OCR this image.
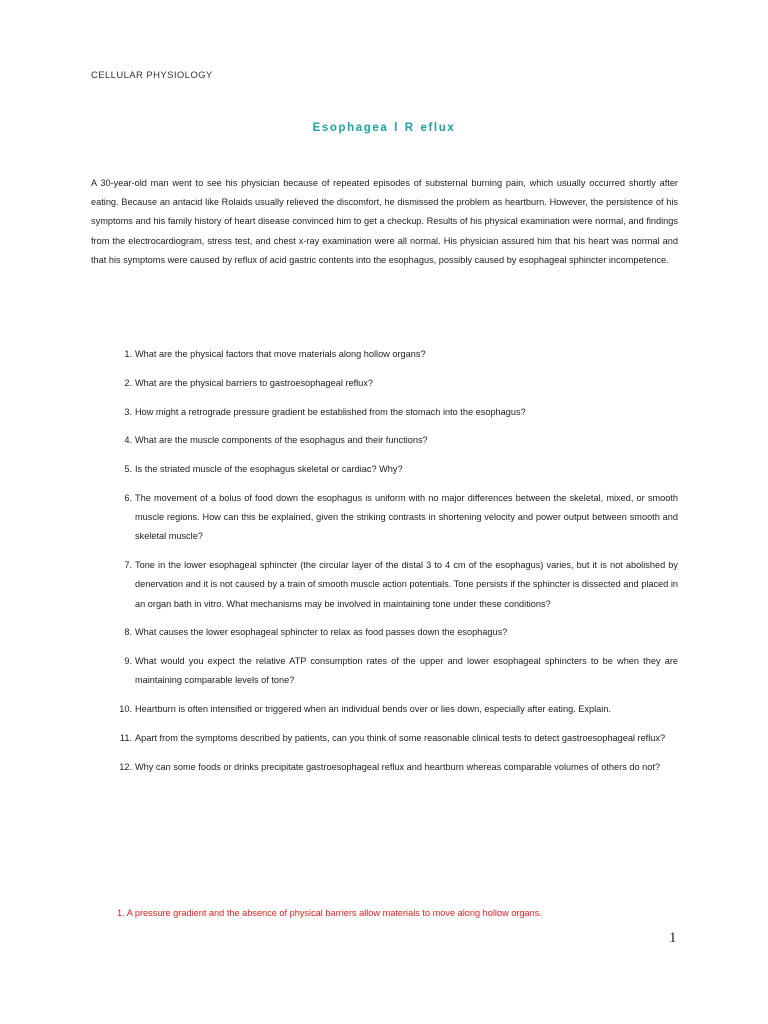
CELLULAR PHYSIOLOGY
Esophagea l R eflux
A 30-year-old man went to see his physician because of repeated episodes of substernal burning pain, which usually occurred shortly after eating. Because an antacid like Rolaids usually relieved the discomfort, he dismissed the problem as heartburn. However, the persistence of his symptoms and his family history of heart disease convinced him to get a checkup. Results of his physical examination were normal, and findings from the electrocardiogram, stress test, and chest x-ray examination were all normal. His physician assured him that his heart was normal and that his symptoms were caused by reflux of acid gastric contents into the esophagus, possibly caused by esophageal sphincter incompetence.
1. What are the physical factors that move materials along hollow organs?
2. What are the physical barriers to gastroesophageal reflux?
3. How might a retrograde pressure gradient be established from the stomach into the esophagus?
4. What are the muscle components of the esophagus and their functions?
5. Is the striated muscle of the esophagus skeletal or cardiac? Why?
6. The movement of a bolus of food down the esophagus is uniform with no major differences between the skeletal, mixed, or smooth muscle regions. How can this be explained, given the striking contrasts in shortening velocity and power output between smooth and skeletal muscle?
7. Tone in the lower esophageal sphincter (the circular layer of the distal 3 to 4 cm of the esophagus) varies, but it is not abolished by denervation and it is not caused by a train of smooth muscle action potentials. Tone persists if the sphincter is dissected and placed in an organ bath in vitro. What mechanisms may be involved in maintaining tone under these conditions?
8. What causes the lower esophageal sphincter to relax as food passes down the esophagus?
9. What would you expect the relative ATP consumption rates of the upper and lower esophageal sphincters to be when they are maintaining comparable levels of tone?
10. Heartburn is often intensified or triggered when an individual bends over or lies down, especially after eating. Explain.
11. Apart from the symptoms described by patients, can you think of some reasonable clinical tests to detect gastroesophageal reflux?
12. Why can some foods or drinks precipitate gastroesophageal reflux and heartburn whereas comparable volumes of others do not?
1. A pressure gradient and the absence of physical barriers allow materials to move along hollow organs.
1
